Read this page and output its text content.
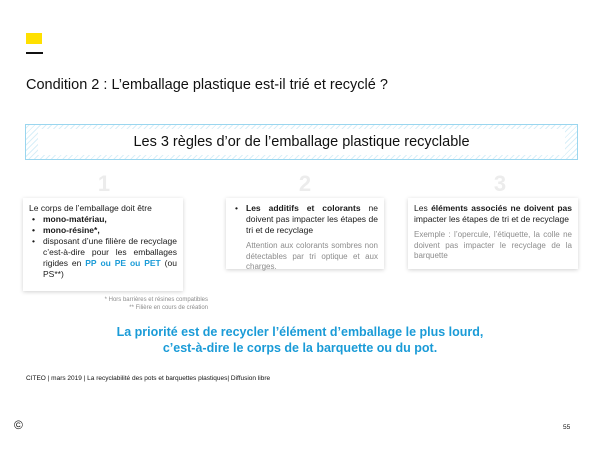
Condition 2 : L’emballage plastique est-il trié et recyclé ?
Les 3 règles d’or de l’emballage plastique recyclable
1	2	3
Le corps de l’emballage doit être
• mono-matériau,
• mono-résine*,
• disposant d’une filière de recyclage c’est-à-dire pour les emballages rigides en PP ou PE ou PET (ou PS**)
• Les additifs et colorants ne doivent pas impacter les étapes de tri et de recyclage
Attention aux colorants sombres non détectables par tri optique et aux charges.
Les éléments associés ne doivent pas impacter les étapes de tri et de recyclage
Exemple : l’opercule, l’étiquette, la colle ne doivent pas impacter le recyclage de la barquette
* Hors barrières et résines compatibles
** Filière en cours de création
La priorité est de recycler l’élément d’emballage le plus lourd,
c’est-à-dire le corps de la barquette ou du pot.
CITEO | mars 2019 | La recyclabilité des pots et barquettes plastiques| Diffusion libre
©	55
